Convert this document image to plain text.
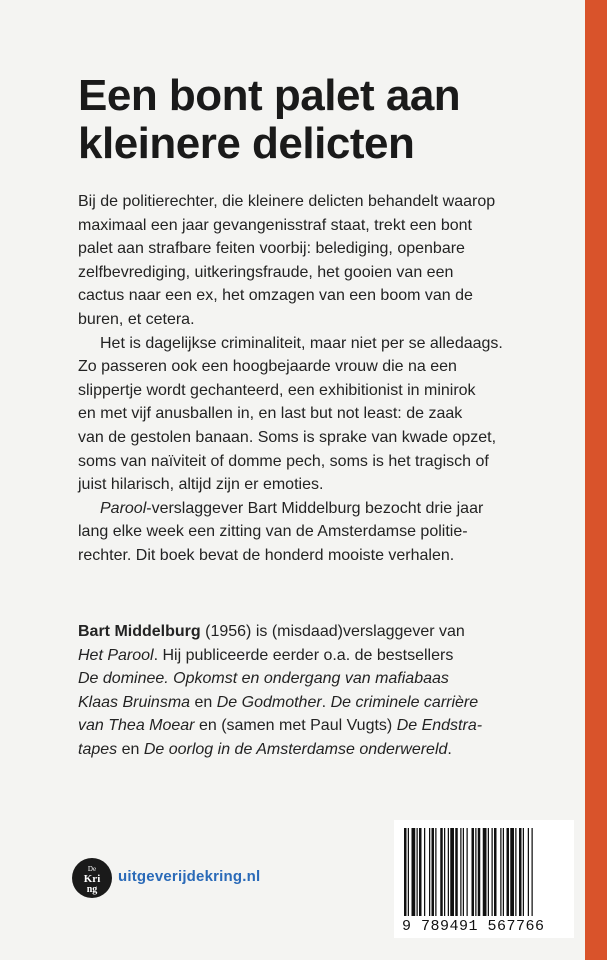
Een bont palet aan
kleinere delicten

Bij de politierechter, die kleinere delicten behandelt waarop
maximaal een jaar gevangenisstraf staat, trekt een bont
palet aan strafbare feiten voorbij: belediging, openbare
zelfbevrediging, uitkeringsfraude, het gooien van een
cactus naar een ex, het omzagen van een boom van de
buren, et cetera.

Het is dagelijkse criminaliteit, maar niet per se alledaags.
Zo passeren ook een hoogbejaarde vrouw die na een
slippertje wordt gechanteerd, een exhibitionist in minirok
en met vijf anusballen in, en last but not least: de zaak
van de gestolen banaan. Soms is sprake van kwade opzet,
soms van naïviteit of domme pech, soms is het tragisch of
juist hilarisch, altijd zijn er emoties.

Parool-verslaggever Bart Middelburg bezocht drie jaar
lang elke week een zitting van de Amsterdamse politie-
rechter. Dit boek bevat de honderd mooiste verhalen.

Bart Middelburg (1956) is (misdaad)verslaggever van
Het Parool. Hij publiceerde eerder o.a. de bestsellers
De dominee. Opkomst en ondergang van mafiabaas
Klaas Bruinsma en De Godmother. De criminele carrière
van Thea Moear en (samen met Paul Vugts) De Endstra-
tapes en De oorlog in de Amsterdamse onderwereld.
De
Kri
ng
uitgeverijdekring.nl
9 789491 567766
